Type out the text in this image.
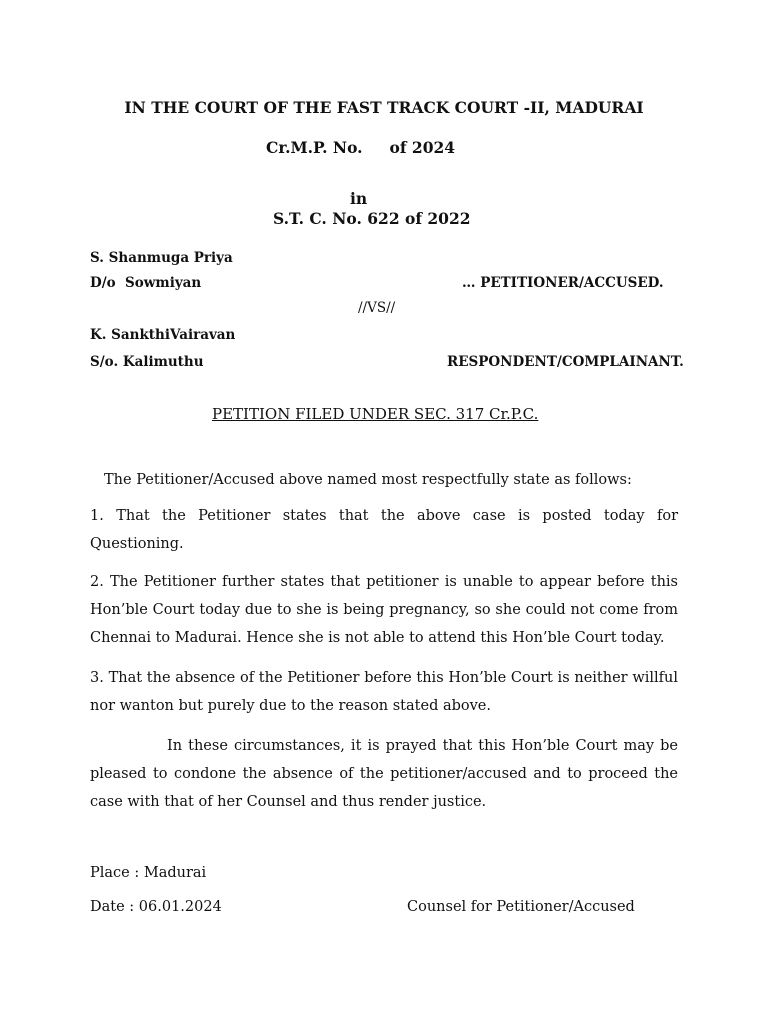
IN THE COURT OF THE FAST TRACK COURT -II, MADURAI
Cr.M.P. No.     of 2024
in
S.T. C. No. 622 of 2022
S. Shanmuga Priya
D/o  Sowmiyan	… PETITIONER/ACCUSED.
//VS//
K. SankthiVairavan
S/o. Kalimuthu	RESPONDENT/COMPLAINANT.
PETITION FILED UNDER SEC. 317 Cr.P.C.
The Petitioner/Accused above named most respectfully state as follows:
1. That the Petitioner states that the above case is posted today for Questioning.
2. The Petitioner further states that petitioner is unable to appear before this Hon’ble Court today due to she is being pregnancy, so she could not come from Chennai to Madurai. Hence she is not able to attend this Hon’ble Court today.
3. That the absence of the Petitioner before this Hon’ble Court is neither willful nor wanton but purely due to the reason stated above.
In these circumstances, it is prayed that this Hon’ble Court may be pleased to condone the absence of the petitioner/accused and to proceed the case with that of her Counsel and thus render justice.
Place : Madurai
Date : 06.01.2024	Counsel for Petitioner/Accused
